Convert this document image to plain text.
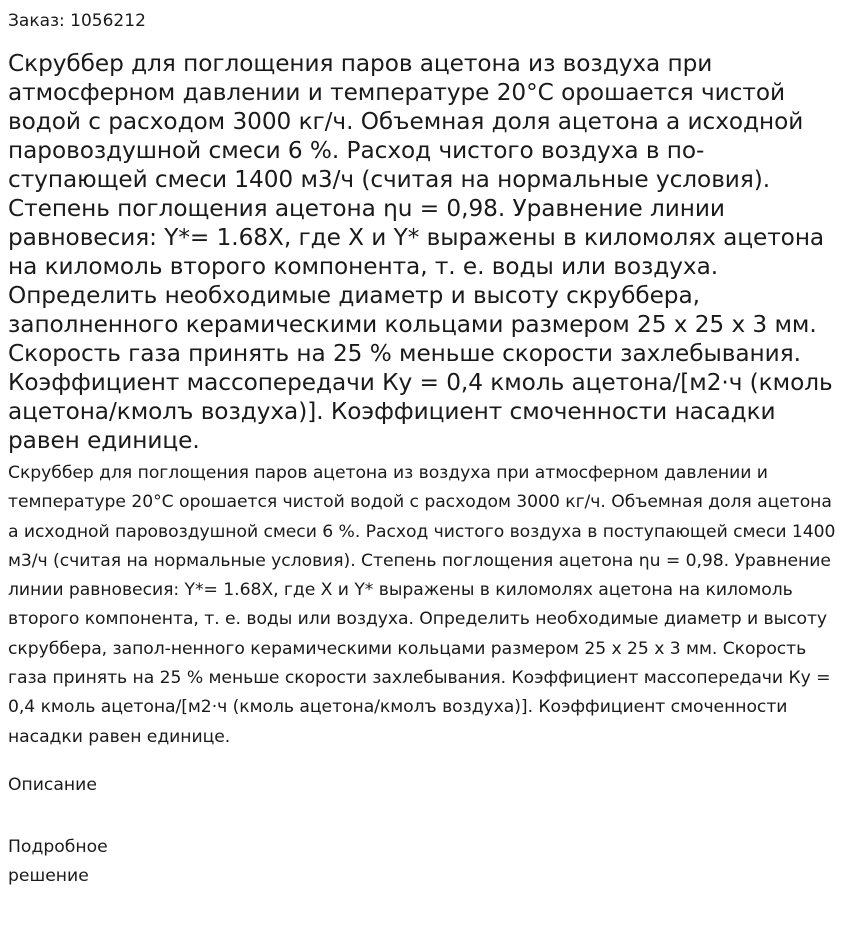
Заказ: 1056212
Скруббер для поглощения паров ацетона из воздуха при атмосферном давлении и температуре 20°С орошается чистой водой с расходом 3000 кг/ч. Объемная доля ацетона а исходной паровоздушной смеси 6 %. Расход чистого воздуха в по-ступающей смеси 1400 м3/ч (считая на нормальные условия). Степень поглощения ацетона ηu = 0,98. Уравнение линии равновесия: Y*= 1.68Х, где X и Y* выражены в киломолях ацетона на киломоль второго компонента, т. е. воды или воздуха. Определить необходимые диаметр и высоту скруббера, заполненного керамическими кольцами размером 25 х 25 х 3 мм. Скорость газа принять на 25 % меньше скорости захлебывания. Коэффициент массопередачи Ку = 0,4 кмоль ацетона/[м2·ч (кмоль ацетона/кмолъ воздуха)]. Коэффициент смоченности насадки равен единице.

Скруббер для поглощения паров ацетона из воздуха при атмосферном давлении и температуре 20°С орошается чистой водой с расходом 3000 кг/ч. Объемная доля ацетона а исходной паровоздушной смеси 6 %. Расход чистого воздуха в поступающей смеси 1400 м3/ч (считая на нормальные условия). Степень поглощения ацетона ηu = 0,98. Уравнение линии равновесия: Y*= 1.68Х, где X и Y* выражены в киломолях ацетона на киломоль второго компонента, т. е. воды или воздуха. Определить необходимые диаметр и высоту скруббера, запол-ненного керамическими кольцами размером 25 х 25 х 3 мм. Скорость газа принять на 25 % меньше скорости захлебывания. Коэффициент массопередачи Ку = 0,4 кмоль ацетона/[м2·ч (кмоль ацетона/кмолъ воздуха)]. Коэффициент смоченности насадки равен единице.

Описание
Подробное решение
